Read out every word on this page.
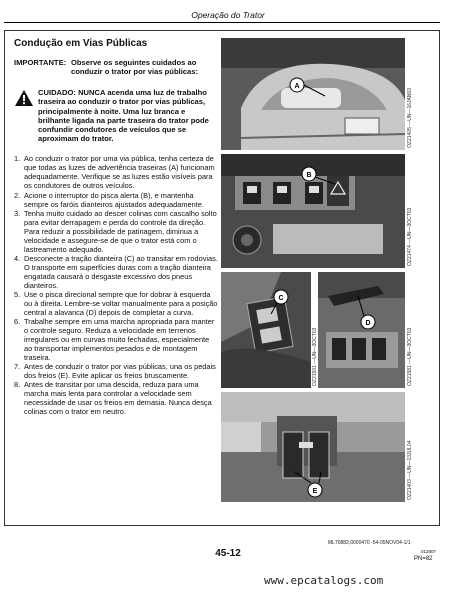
Operação do Trator
Condução em Vias Públicas
IMPORTANTE: Observe os seguintes cuidados ao conduzir o trator por vias públicas:
CUIDADO: NUNCA acenda uma luz de trabalho traseira ao conduzir o trator por vias públicas, principalmente à noite. Uma luz branca e brilhante ligada na parte traseira do trator pode confundir condutores de veículos que se aproximam do trator.
1. Ao conduzir o trator por uma via pública, tenha certeza de que todas as luzes de advertência traseiras (A) funcionam adequadamente. Verifique se as luzes estão visíveis para os condutores de outros veículos.
2. Acione o interruptor do pisca alerta (B), e mantenha sempre os faróis dianteiros ajustados adequadamente.
3. Tenha muito cuidado ao descer colinas com cascalho solto para evitar derrapagem e perda do controle da direção. Para reduzir a possibilidade de patinagem, diminua a velocidade e assegure-se de que o trator está com o lastreamento adequado.
4. Desconecte a tração dianteira (C) ao transitar em rodovias. O transporte em superfícies duras com a tração dianteira engatada causará o desgaste excessivo dos pneus dianteiros.
5. Use o pisca direcional sempre que for dobrar à esquerda ou à direita. Lembre-se voltar manualmente para a posição central a alavanca (D) depois de completar a curva.
6. Trabalhe sempre em uma marcha apropriada para manter o controle seguro. Reduza a velocidade em terrenos irregulares ou em curvas muito fechadas, especialmente ao transportar implementos pesados e de montagem traseira.
7. Antes de conduzir o trator por vias públicas, una os pedais dos freios (E). Evite aplicar os freios bruscamente.
8. Antes de transitar por uma descida, reduza para uma marcha mais lenta para controlar a velocidade sem necessidade de usar os freios em demasia. Nunca desça colinas com o trator em neutro.
A
OZ21405 —UN—16JAN03
B
OZ21474 —UN—3OCT03
C
OZ21591 —UN—3OCT03
D
OZ21581 —UN—3OCT03
E	OZ21403 —UN—13JUL04
ML70882,0000470 -54-05NOV04-1/1
45-12	012807
PN=82
www.epcatalogs.com
